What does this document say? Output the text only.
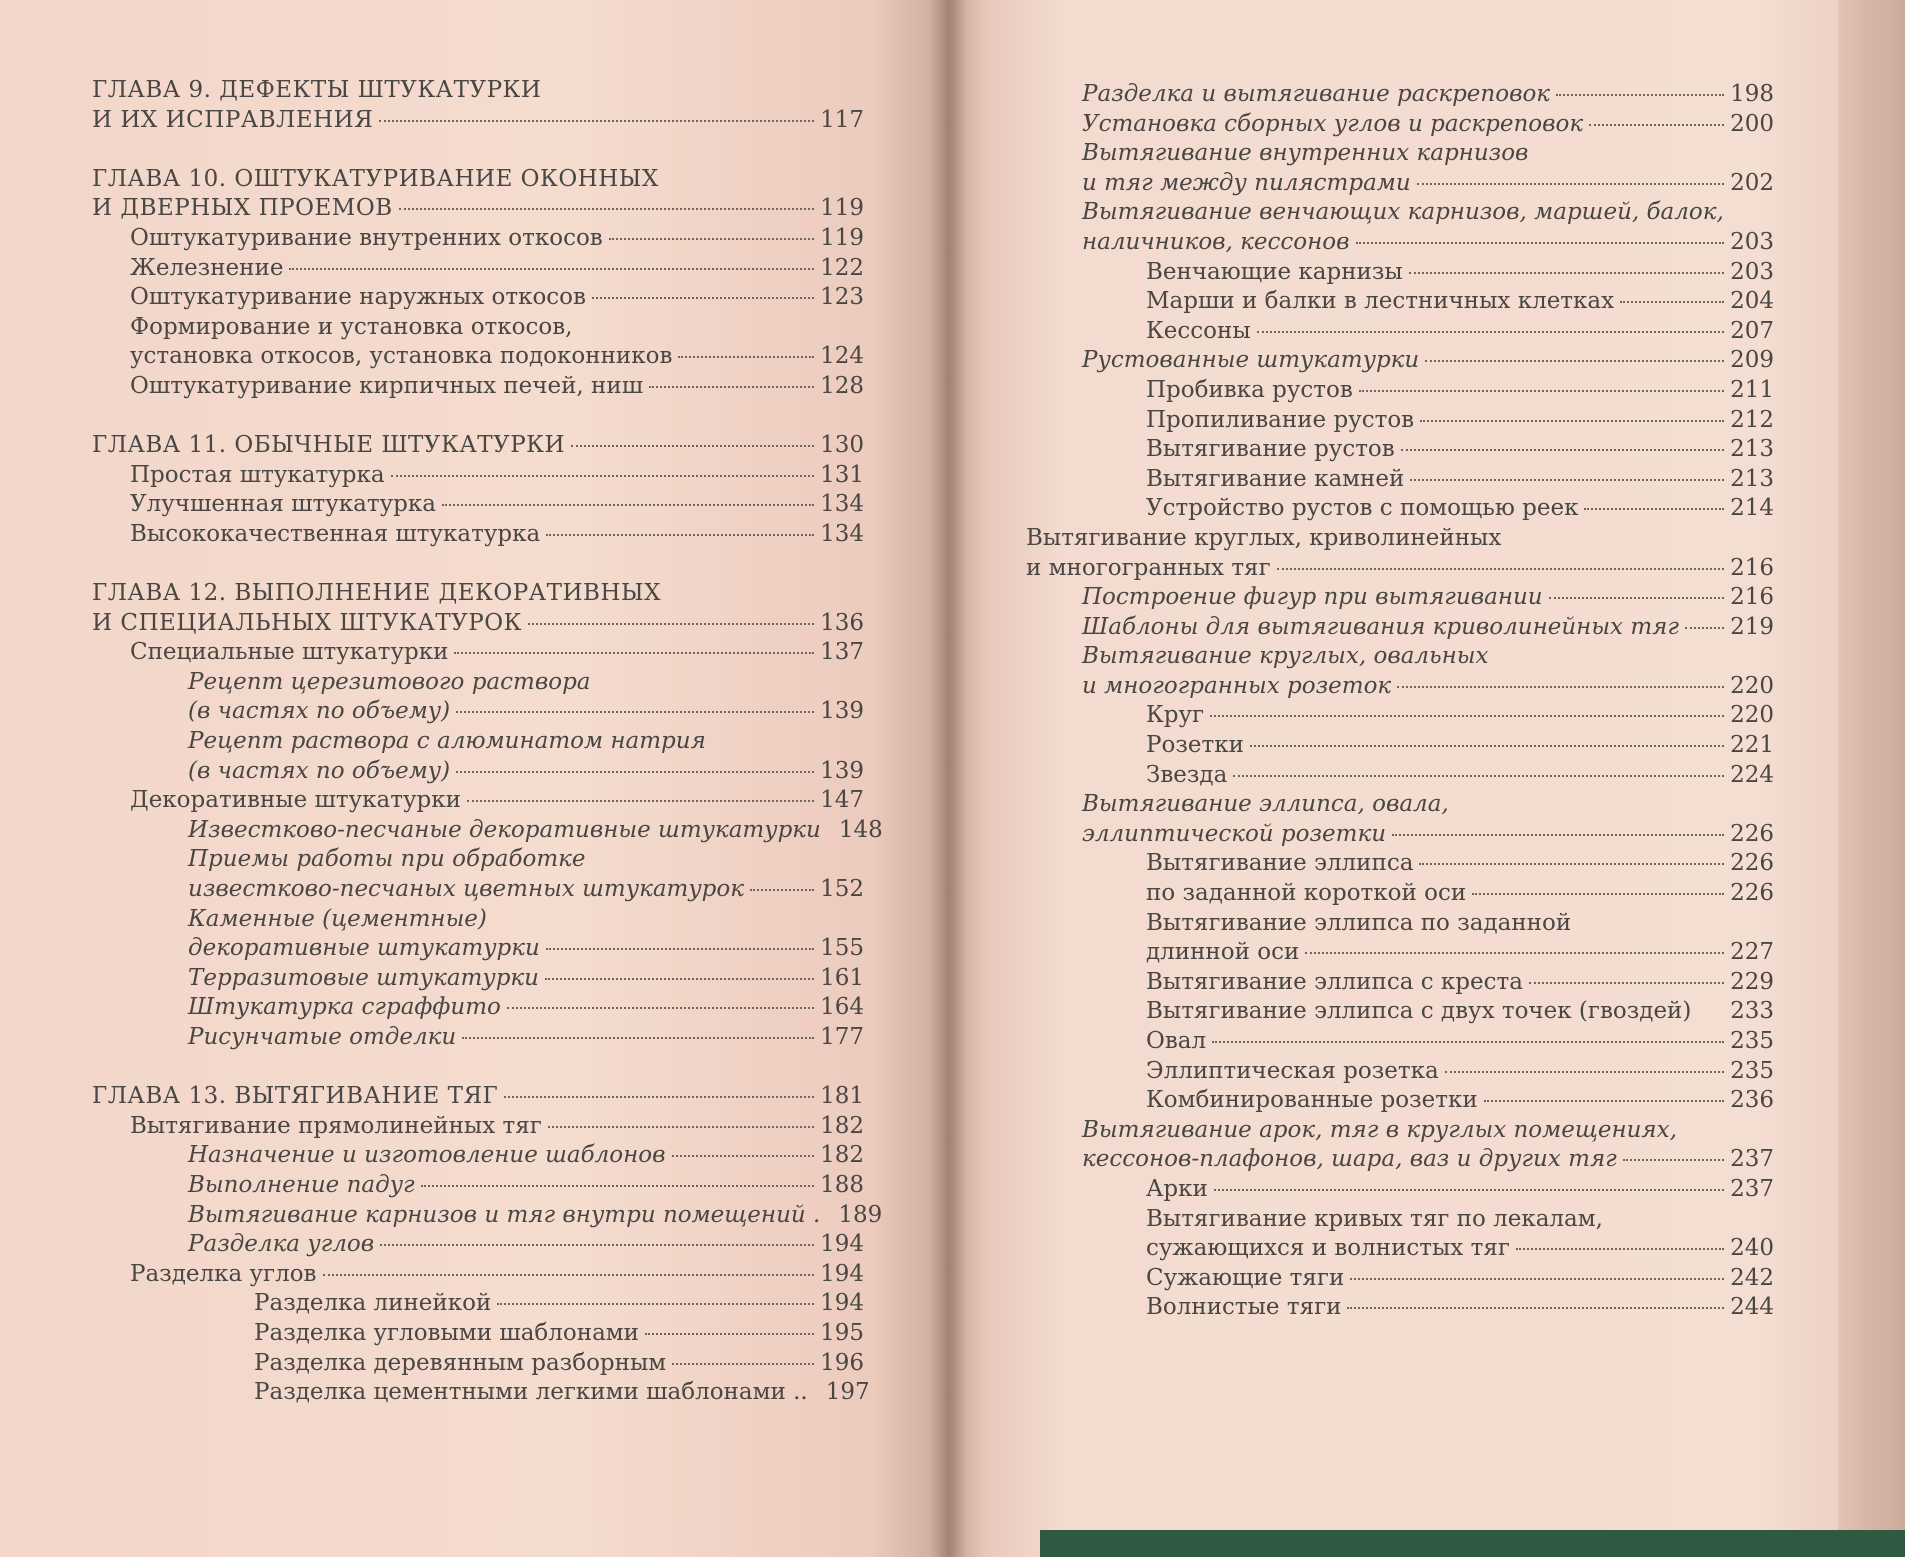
ГЛАВА 9. ДЕФЕКТЫ ШТУКАТУРКИ
И ИХ ИСПРАВЛЕНИЯ	117
ГЛАВА 10. ОШТУКАТУРИВАНИЕ ОКОННЫХ
И ДВЕРНЫХ ПРОЕМОВ	119
Оштукатуривание внутренних откосов	119
Железнение	122
Оштукатуривание наружных откосов	123
Формирование и установка откосов,
установка откосов, установка подоконников	124
Оштукатуривание кирпичных печей, ниш	128
ГЛАВА 11. ОБЫЧНЫЕ ШТУКАТУРКИ	130
Простая штукатурка	131
Улучшенная штукатурка	134
Высококачественная штукатурка	134
ГЛАВА 12. ВЫПОЛНЕНИЕ ДЕКОРАТИВНЫХ
И СПЕЦИАЛЬНЫХ ШТУКАТУРОК	136
Специальные штукатурки	137
Рецепт церезитового раствора
(в частях по объему)	139
Рецепт раствора с алюминатом натрия
(в частях по объему)	139
Декоративные штукатурки	147
Известково-песчаные декоративные штукатурки 148
Приемы работы при обработке
известково-песчаных цветных штукатурок	152
Каменные (цементные)
декоративные штукатурки	155
Терразитовые штукатурки	161
Штукатурка сграффито	164
Рисунчатые отделки	177
ГЛАВА 13. ВЫТЯГИВАНИЕ ТЯГ	181
Вытягивание прямолинейных тяг	182
Назначение и изготовление шаблонов	182
Выполнение падуг	188
Вытягивание карнизов и тяг внутри помещений . 189
Разделка углов	194
Разделка углов	194
Разделка линейкой	194
Разделка угловыми шаблонами	195
Разделка деревянным разборным	196
Разделка цементными легкими шаблонами .. 197
Разделка и вытягивание раскреповок	198
Установка сборных углов и раскреповок	200
Вытягивание внутренних карнизов
и тяг между пилястрами	202
Вытягивание венчающих карнизов, маршей, балок,
наличников, кессонов	203
Венчающие карнизы	203
Марши и балки в лестничных клетках	204
Кессоны	207
Рустованные штукатурки	209
Пробивка рустов	211
Пропиливание рустов	212
Вытягивание рустов	213
Вытягивание камней	213
Устройство рустов с помощью реек	214
Вытягивание круглых, криволинейных
и многогранных тяг	216
Построение фигур при вытягивании	216
Шаблоны для вытягивания криволинейных тяг 219
Вытягивание круглых, овальных
и многогранных розеток	220
Круг	220
Розетки	221
Звезда	224
Вытягивание эллипса, овала,
эллиптической розетки	226
Вытягивание эллипса	226
по заданной короткой оси	226
Вытягивание эллипса по заданной
длинной оси	227
Вытягивание эллипса с креста	229
Вытягивание эллипса с двух точек (гвоздей) 233
Овал	235
Эллиптическая розетка	235
Комбинированные розетки	236
Вытягивание арок, тяг в круглых помещениях,
кессонов-плафонов, шара, ваз и других тяг	237
Арки	237
Вытягивание кривых тяг по лекалам,
сужающихся и волнистых тяг	240
Сужающие тяги	242
Волнистые тяги	244
